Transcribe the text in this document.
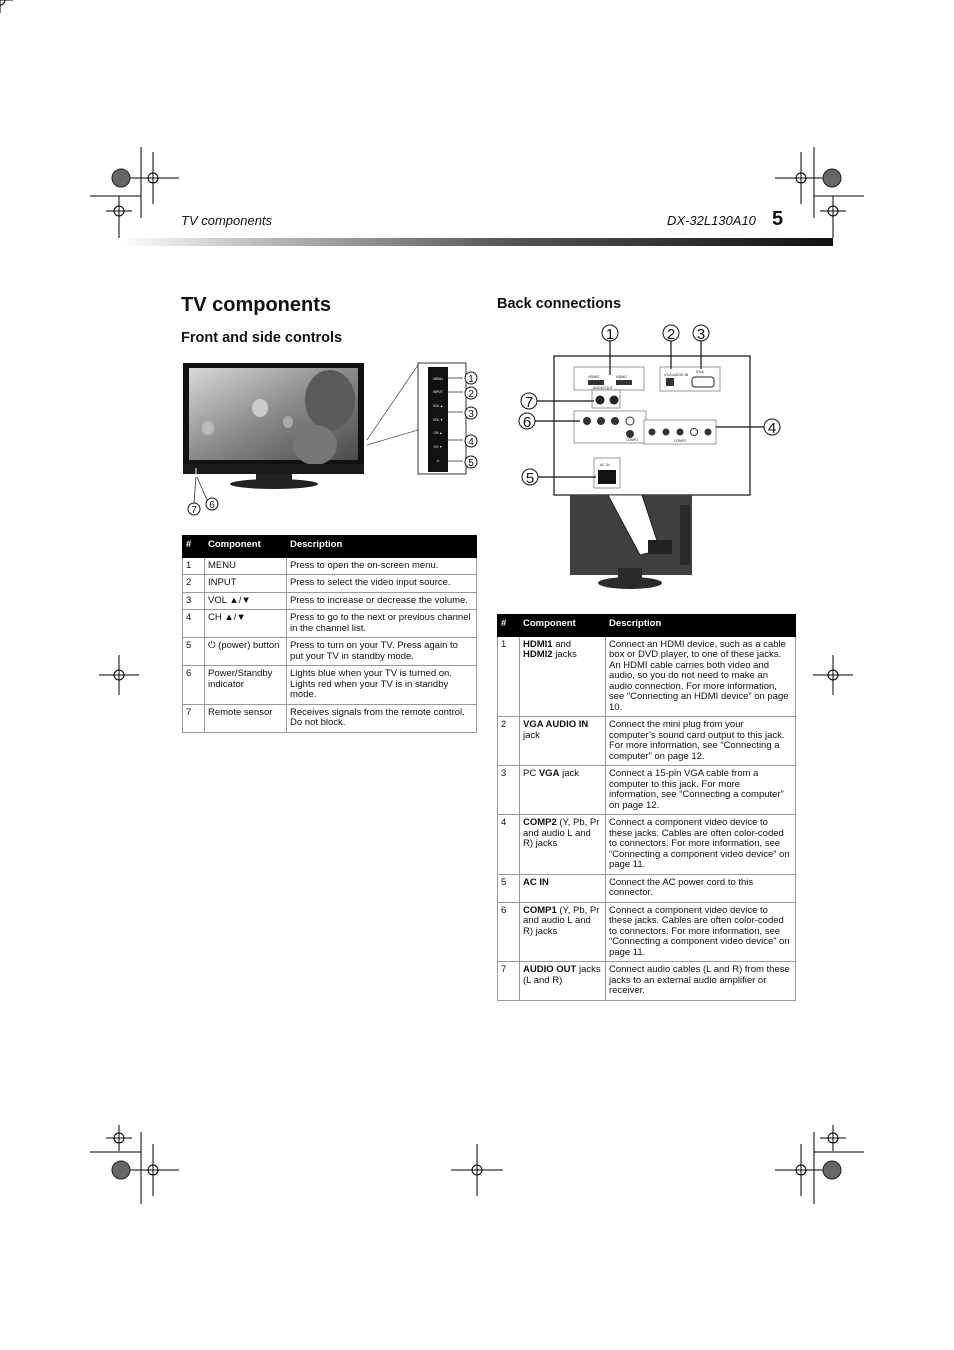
TV components	DX-32L130A10 5
TV components
Front and side controls
Back connections
MENU
INPUT
VOL ▲
VOL ▼
CH ▲
CH ▼
⏻
1
2
3
4
5
6
7
#	Component	Description
1	MENU	Press to open the on-screen menu.
2	INPUT	Press to select the video input source.
3	VOL ▲/▼	Press to increase or decrease the volume.
4	CH ▲/▼	Press to go to the next or previous channel in the channel list.
5	⏻ (power) button	Press to turn on your TV. Press again to put your TV in standby mode.
6	Power/Standby indicator	Lights blue when your TV is turned on. Lights red when your TV is in standby mode.
7	Remote sensor	Receives signals from the remote control. Do not block.
HDMI2	HDMI1
AUDIO OUT
VGA AUDIO IN
VGA
COMP1	COMP2
AC IN
1	2 3
4
5
6
7
#	Component	Description
1	HDMI1 and HDMI2 jacks	Connect an HDMI device, such as a cable box or DVD player, to one of these jacks. An HDMI cable carries both video and audio, so you do not need to make an audio connection. For more information, see “Connecting an HDMI device” on page 10.
2	VGA AUDIO IN jack	Connect the mini plug from your computer’s sound card output to this jack. For more information, see “Connecting a computer” on page 12.
3	PC VGA jack	Connect a 15-pin VGA cable from a computer to this jack. For more information, see “Connecting a computer” on page 12.
4	COMP2 (Y, Pb, Pr and audio L and R) jacks	Connect a component video device to these jacks. Cables are often color-coded to connectors. For more information, see “Connecting a component video device” on page 11.
5	AC IN	Connect the AC power cord to this connector.
6	COMP1 (Y, Pb, Pr and audio L and R) jacks	Connect a component video device to these jacks. Cables are often color-coded to connectors. For more information, see “Connecting a component video device” on page 11.
7	AUDIO OUT jacks (L and R)	Connect audio cables (L and R) from these jacks to an external audio amplifier or receiver.
